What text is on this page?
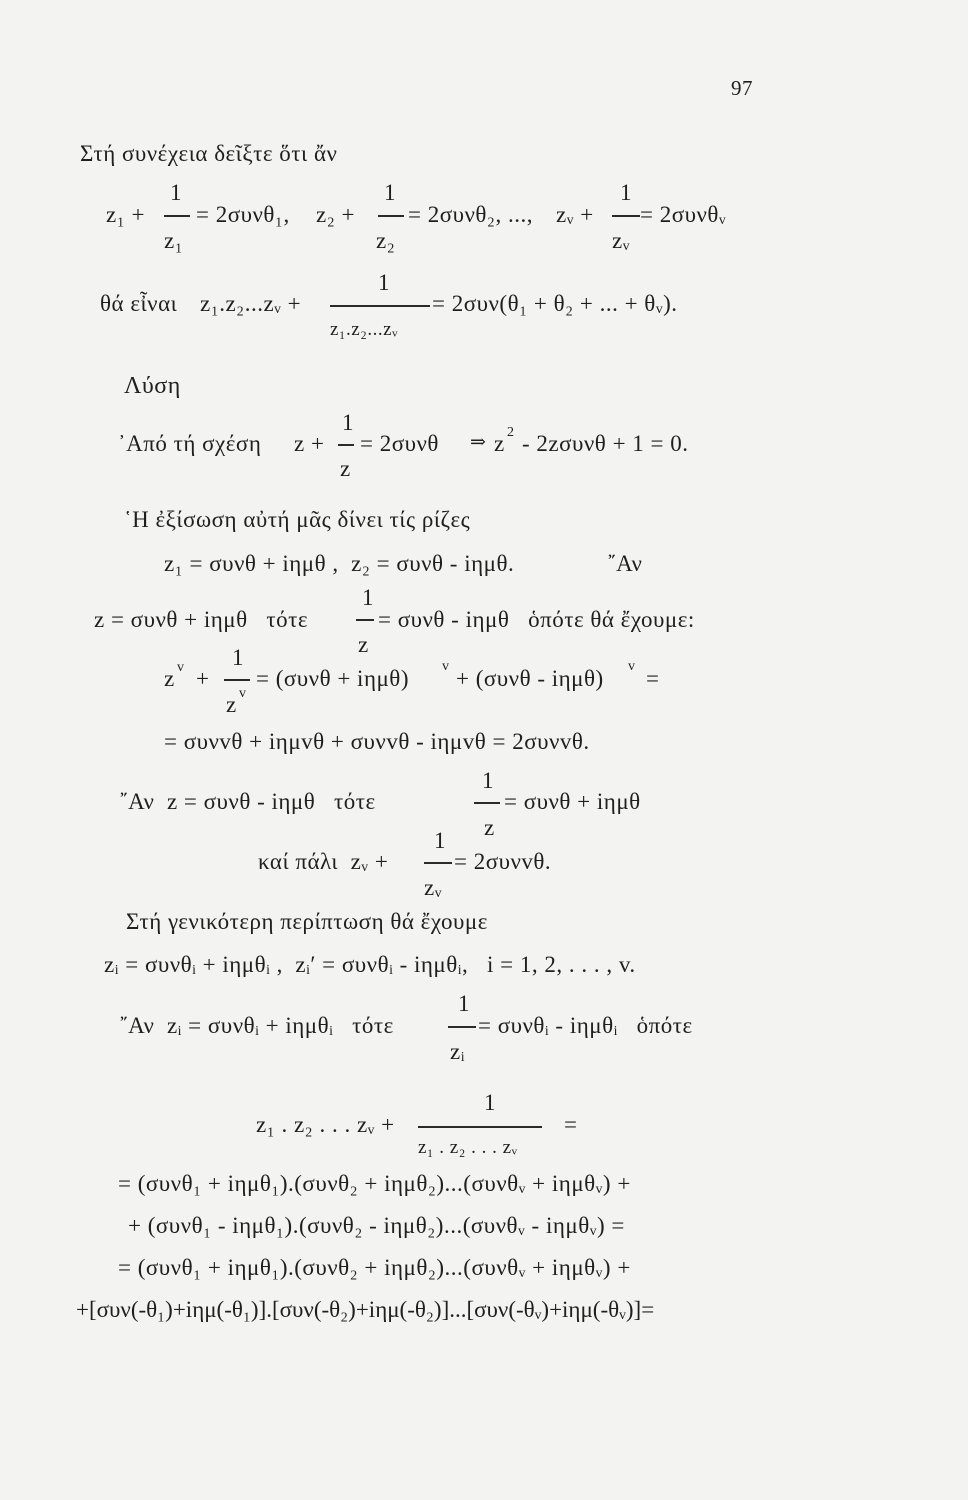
97
Στή συνέχεια δεῖξτε ὅτι ἄν
z₁ +
1
z₁
= 2συνθ₁, z₂ +
1
z₂
= 2συνθ₂, ..., zᵥ +
1
zᵥ
= 2συνθᵥ
θά εἶναι z₁.z₂...zᵥ +
1
z₁.z₂...zᵥ
= 2συν(θ₁ + θ₂ + ... + θᵥ).
Λύση
᾿Από τή σχέση z +
1
z
= 2συνθ ⇒ z 2 - 2zσυνθ + 1 = 0.
῾Η ἐξίσωση αὐτή μᾶς δίνει τίς ρίζες
z₁ = συνθ + iημθ ,  z₂ = συνθ - iημθ.	῎Αν
z = συνθ + iημθ   τότε
1
z
= συνθ - iημθ   ὁπότε θά ἔχουμε:
z v +
1
z v
= (συνθ + iημθ) v + (συνθ - iημθ) v =
= συνvθ + iημvθ + συνvθ - iημvθ = 2συνvθ.
῎Αν  z = συνθ - iημθ   τότε
1
z
= συνθ + iημθ
καί πάλι  zᵥ +
1
zᵥ
= 2συνvθ.
Στή γενικότερη περίπτωση θά ἔχουμε
zᵢ = συνθᵢ + iημθᵢ ,  zᵢ′ = συνθᵢ - iημθᵢ,   i = 1, 2, . . . , v.
῎Αν  zᵢ = συνθᵢ + iημθᵢ   τότε
1
zᵢ
= συνθᵢ - iημθᵢ   ὁπότε
z₁ . z₂ . . . zᵥ +
1
z₁ . z₂ . . . zᵥ
=
= (συνθ₁ + iημθ₁).(συνθ₂ + iημθ₂)...(συνθᵥ + iημθᵥ) +
+ (συνθ₁ - iημθ₁).(συνθ₂ - iημθ₂)...(συνθᵥ - iημθᵥ) =
= (συνθ₁ + iημθ₁).(συνθ₂ + iημθ₂)...(συνθᵥ + iημθᵥ) +
+[συν(-θ₁)+iημ(-θ₁)].[συν(-θ₂)+iημ(-θ₂)]...[συν(-θᵥ)+iημ(-θᵥ)]=
